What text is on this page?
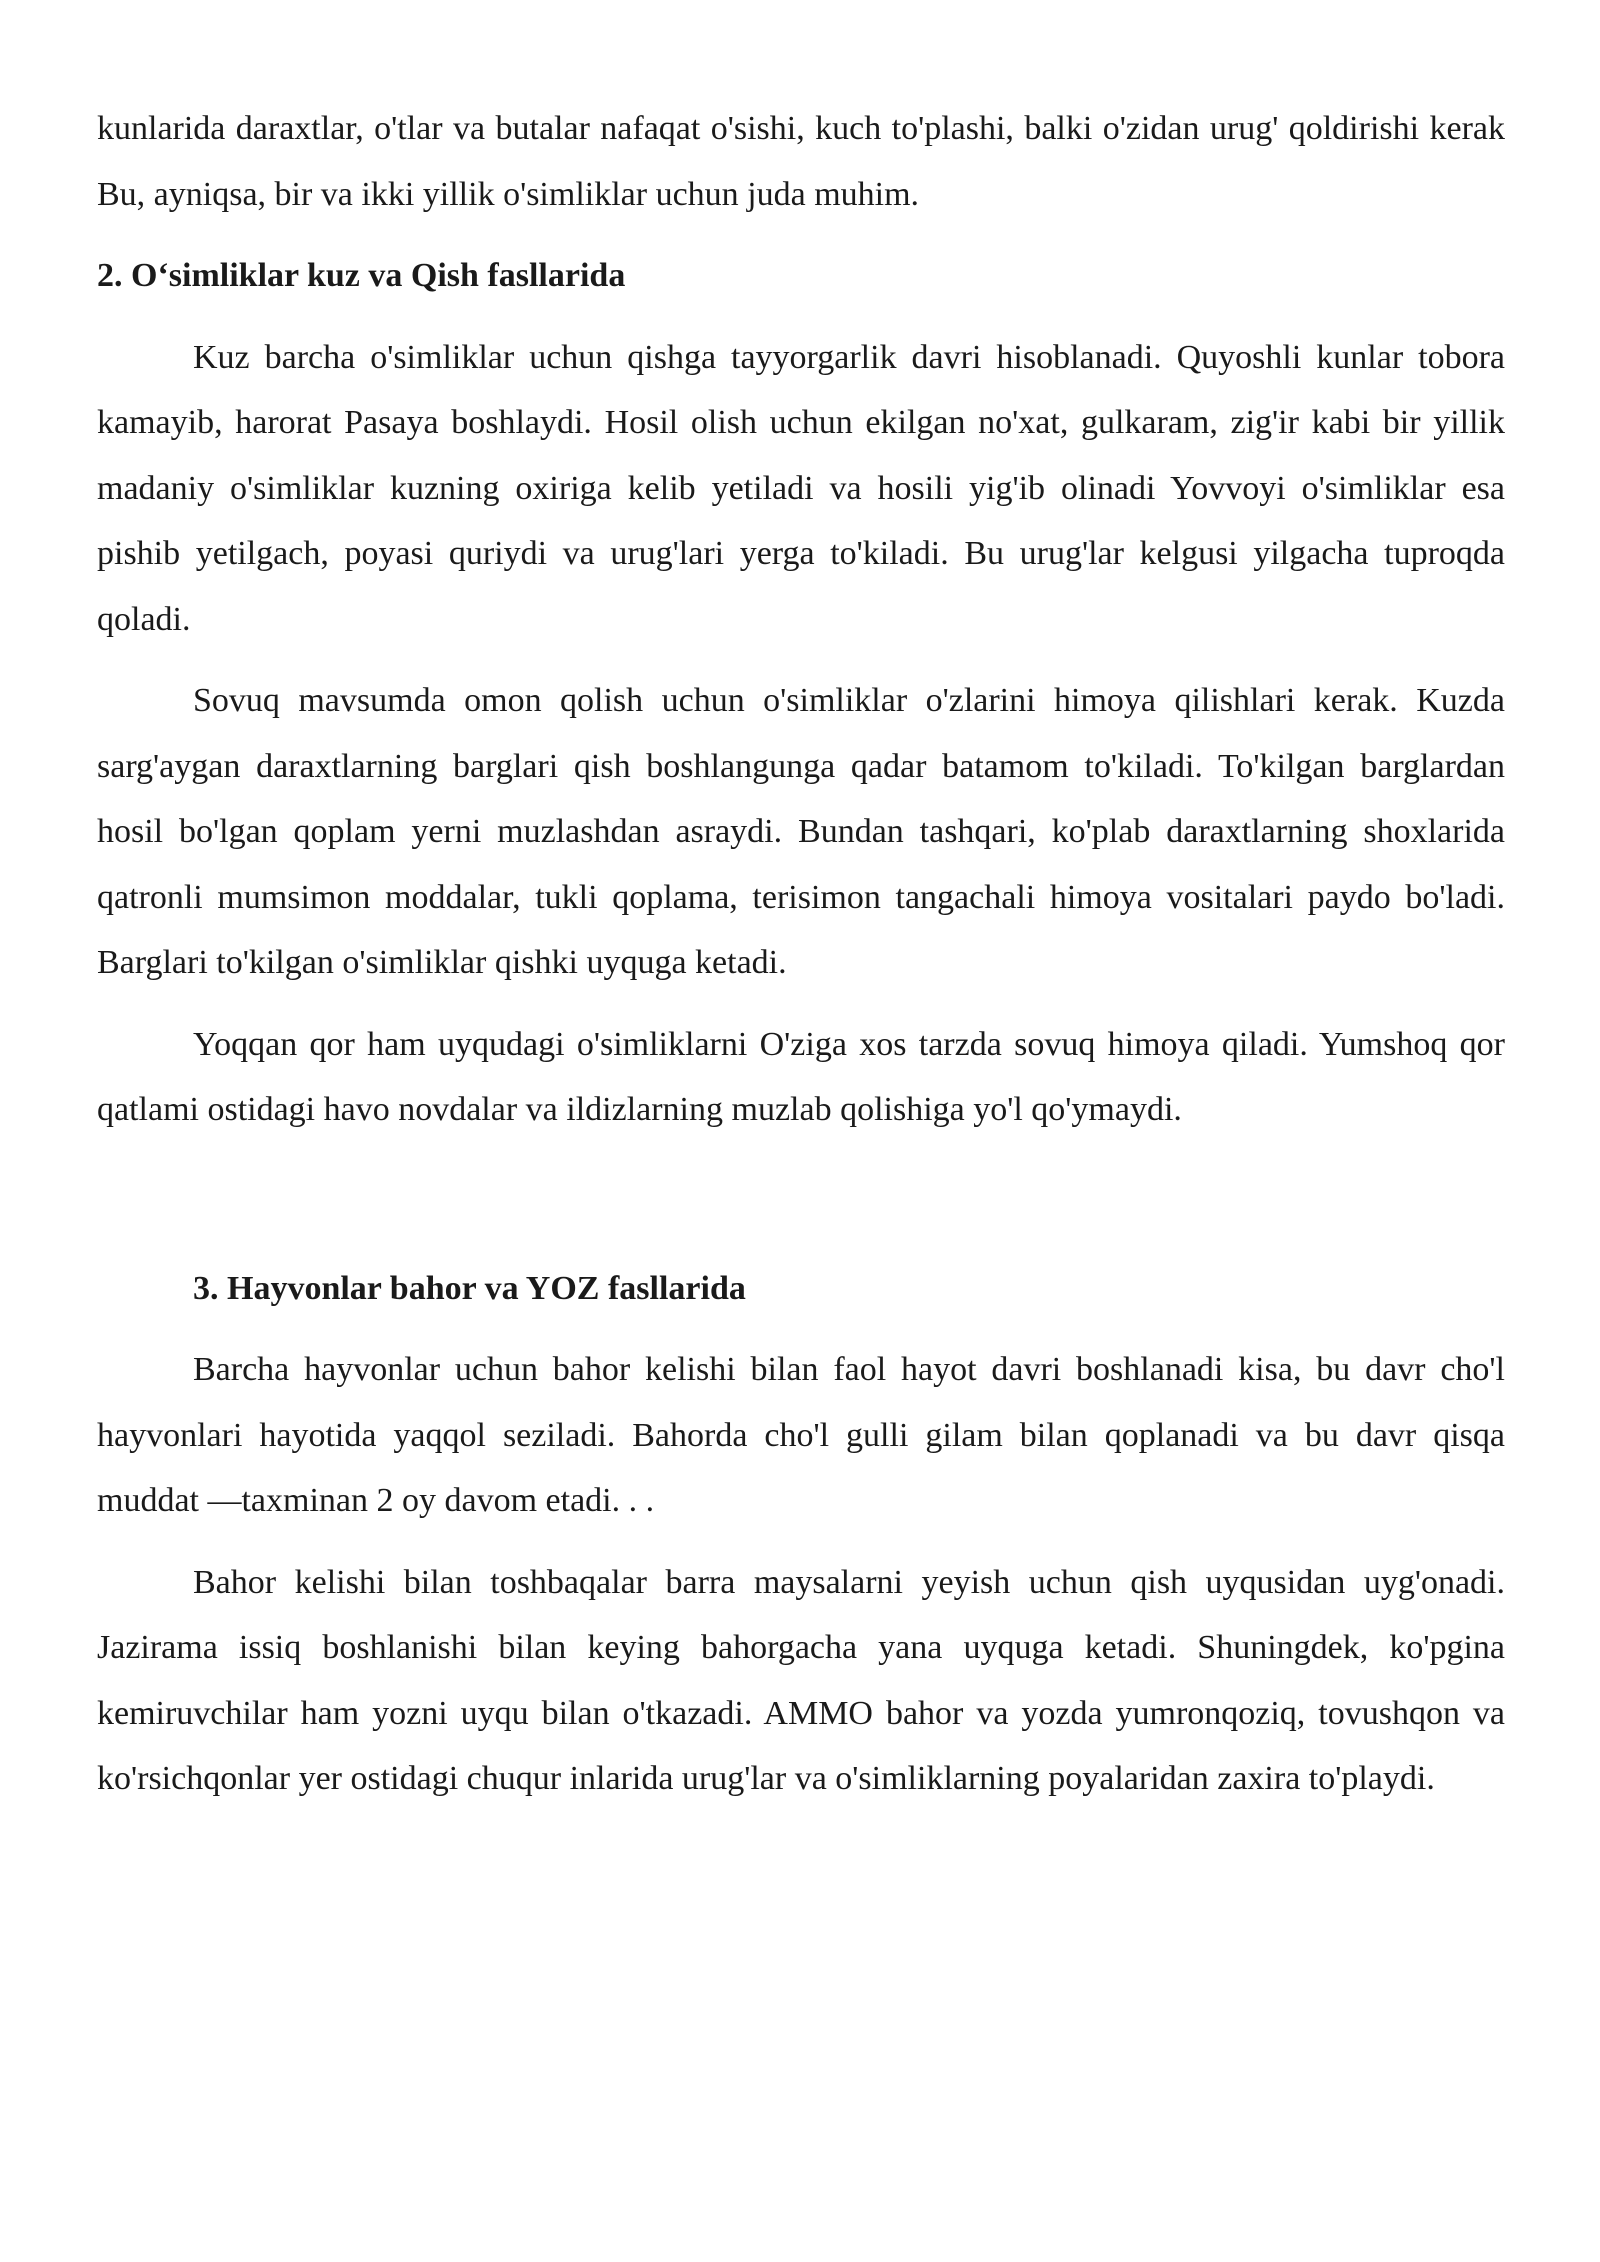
kunlarida daraxtlar, o'tlar va butalar nafaqat o'sishi, kuch to'plashi, balki o'zidan urug' qoldirishi kerak Bu, ayniqsa, bir va ikki yillik o'simliklar uchun juda muhim.

2. O‘simliklar kuz va Qish fasllarida

Kuz barcha o'simliklar uchun qishga tayyorgarlik davri hisoblanadi. Quyoshli kunlar tobora kamayib, harorat Pasaya boshlaydi. Hosil olish uchun ekilgan no'xat, gulkaram, zig'ir kabi bir yillik madaniy o'simliklar kuzning oxiriga kelib yetiladi va hosili yig'ib olinadi Yovvoyi o'simliklar esa pishib yetilgach, poyasi quriydi va urug'lari yerga to'kiladi. Bu urug'lar kelgusi yilgacha tuproqda qoladi.

Sovuq mavsumda omon qolish uchun o'simliklar o'zlarini himoya qilishlari kerak. Kuzda sarg'aygan daraxtlarning barglari qish boshlangunga qadar batamom to'kiladi. To'kilgan barglardan hosil bo'lgan qoplam yerni muzlashdan asraydi. Bundan tashqari, ko'plab daraxtlarning shoxlarida qatronli mumsimon moddalar, tukli qoplama, terisimon tangachali himoya vositalari paydo bo'ladi. Barglari to'kilgan o'simliklar qishki uyquga ketadi.

Yoqqan qor ham uyqudagi o'simliklarni O'ziga xos tarzda sovuq himoya qiladi. Yumshoq qor qatlami ostidagi havo novdalar va ildizlarning muzlab qolishiga yo'l qo'ymaydi.

3. Hayvonlar bahor va YOZ fasllarida

Barcha hayvonlar uchun bahor kelishi bilan faol hayot davri boshlanadi kisa, bu davr cho'l hayvonlari hayotida yaqqol seziladi. Bahorda cho'l gulli gilam bilan qoplanadi va bu davr qisqa muddat —taxminan 2 oy davom etadi. . .

Bahor kelishi bilan toshbaqalar barra maysalarni yeyish uchun qish uyqusidan uyg'onadi. Jazirama issiq boshlanishi bilan keying bahorgacha yana uyquga ketadi. Shuningdek, ko'pgina kemiruvchilar ham yozni uyqu bilan o'tkazadi. AMMO bahor va yozda yumronqoziq, tovushqon va ko'rsichqonlar yer ostidagi chuqur inlarida urug'lar va o'simliklarning poyalaridan zaxira to'playdi.
